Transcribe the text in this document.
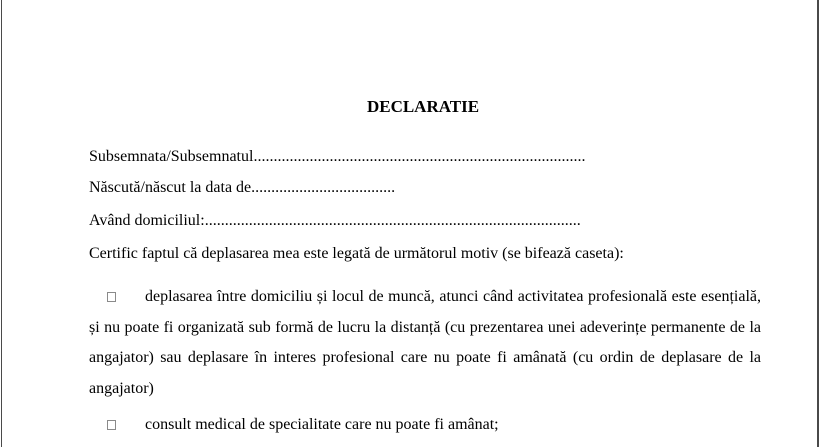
DECLARATIE
Subsemnata/Subsemnatul...................................................................................
Născută/născut la data de....................................
Având domiciliul:..............................................................................................
Certific faptul că deplasarea mea este legată de următorul motiv (se bifează caseta):
deplasarea între domiciliu și locul de muncă, atunci când activitatea profesională este esențială, și nu poate fi organizată sub formă de lucru la distanță (cu prezentarea unei adeverințe permanente de la angajator) sau deplasare în interes profesional care nu poate fi amânată (cu ordin de deplasare de la angajator)
consult medical de specialitate care nu poate fi amânat;
